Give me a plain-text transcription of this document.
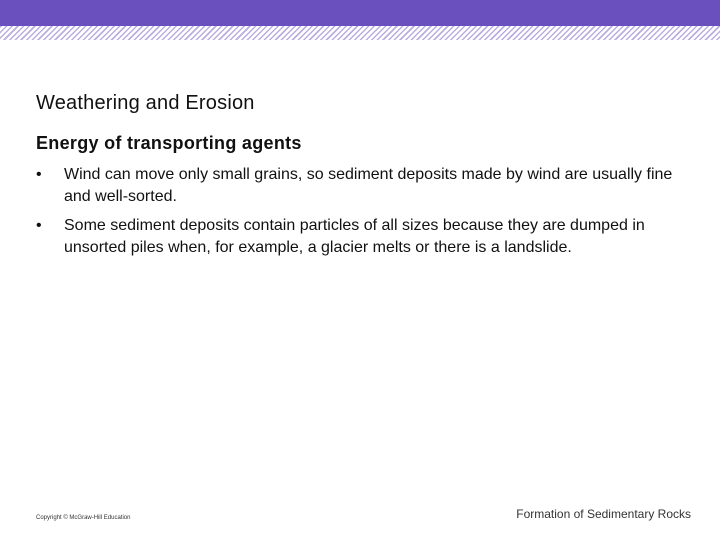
Weathering and Erosion
Energy of transporting agents
•	Wind can move only small grains, so sediment deposits made by wind are usually fine and well-sorted.
•	Some sediment deposits contain particles of all sizes because they are dumped in unsorted piles when, for example, a glacier melts or there is a landslide.
Copyright © McGraw-Hill Education	Formation of Sedimentary Rocks
